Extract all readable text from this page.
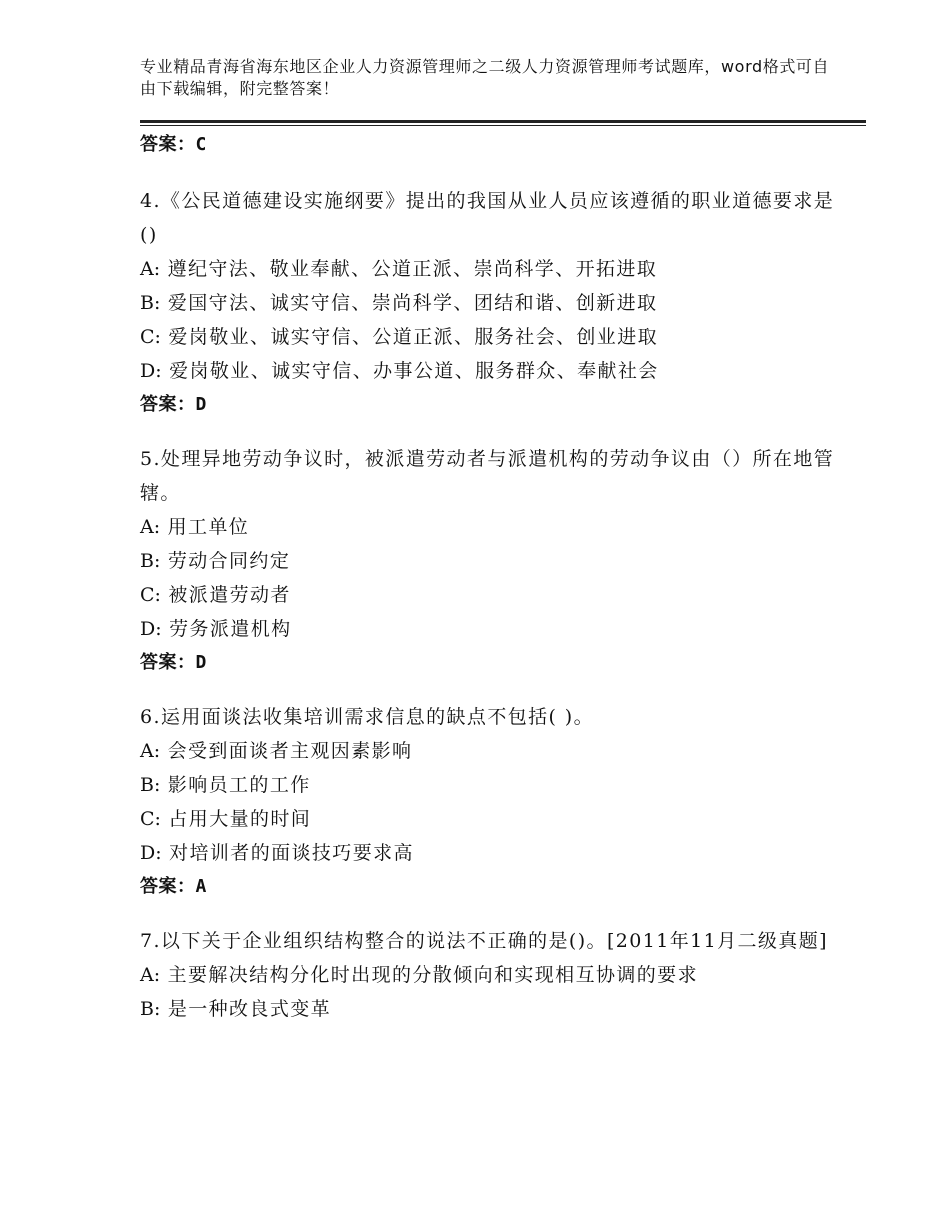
专业精品青海省海东地区企业人力资源管理师之二级人力资源管理师考试题库，word格式可自由下载编辑，附完整答案！
答案：C
4.《公民道德建设实施纲要》提出的我国从业人员应该遵循的职业道德要求是()
A: 遵纪守法、敬业奉献、公道正派、崇尚科学、开拓进取
B: 爱国守法、诚实守信、崇尚科学、团结和谐、创新进取
C: 爱岗敬业、诚实守信、公道正派、服务社会、创业进取
D: 爱岗敬业、诚实守信、办事公道、服务群众、奉献社会
答案：D
5.处理异地劳动争议时，被派遣劳动者与派遣机构的劳动争议由（）所在地管辖。
A: 用工单位
B: 劳动合同约定
C: 被派遣劳动者
D: 劳务派遣机构
答案：D
6.运用面谈法收集培训需求信息的缺点不包括( )。
A: 会受到面谈者主观因素影响
B: 影响员工的工作
C: 占用大量的时间
D: 对培训者的面谈技巧要求高
答案：A
7.以下关于企业组织结构整合的说法不正确的是()。[2011年11月二级真题]
A: 主要解决结构分化时出现的分散倾向和实现相互协调的要求
B: 是一种改良式变革
